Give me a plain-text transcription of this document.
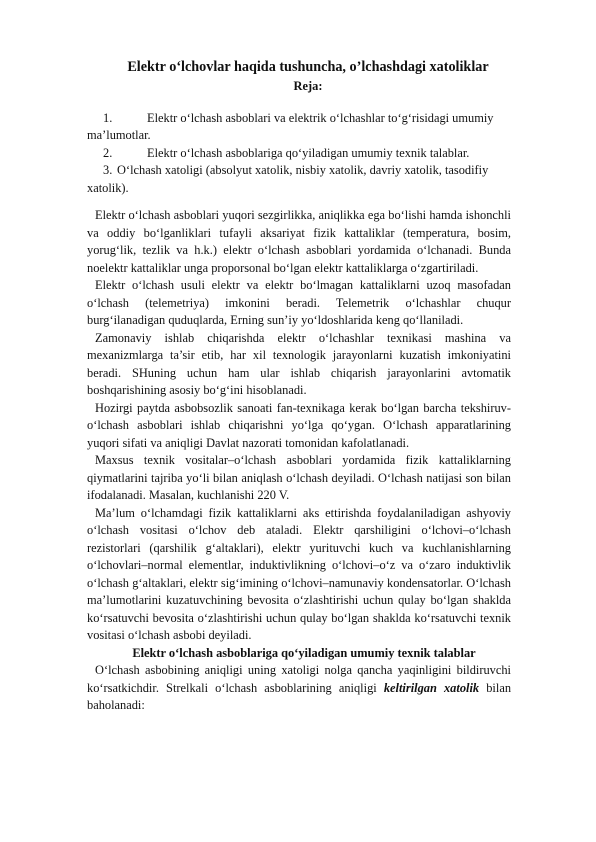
Elektr o‘lchovlar haqida tushuncha, o’lchashdagi xatoliklar
Reja:
1.	Elektr o‘lchash asboblari va elektrik o‘lchashlar to‘g‘risidagi umumiy ma’lumotlar.
2.	Elektr o‘lchash asboblariga qo‘yiladigan umumiy texnik talablar.
3. O‘lchash xatoligi (absolyut xatolik, nisbiy xatolik, davriy xatolik, tasodifiy xatolik).

Elektr o‘lchash asboblari yuqori sezgirlikka, aniqlikka ega bo‘lishi hamda ishonchli va oddiy bo‘lganliklari tufayli aksariyat fizik kattaliklar (temperatura, bosim, yorug‘lik, tezlik va h.k.) elektr o‘lchash asboblari yordamida o‘lchanadi. Bunda noelektr kattaliklar unga proporsonal bo‘lgan elektr kattaliklarga o‘zgartiriladi.

Elektr o‘lchash usuli elektr va elektr bo‘lmagan kattaliklarni uzoq masofadan o‘lchash (telemetriya) imkonini beradi. Telemetrik o‘lchashlar chuqur burg‘ilanadigan quduqlarda, Erning sun’iy yo‘ldoshlarida keng qo‘llaniladi.

Zamonaviy ishlab chiqarishda elektr o‘lchashlar texnikasi mashina va mexanizmlarga ta’sir etib, har xil texnologik jarayonlarni kuzatish imkoniyatini beradi. SHuning uchun ham ular ishlab chiqarish jarayonlarini avtomatik boshqarishining asosiy bo‘g‘ini hisoblanadi.

Hozirgi paytda asbobsozlik sanoati fan-texnikaga kerak bo‘lgan barcha tekshiruv-o‘lchash asboblari ishlab chiqarishni yo‘lga qo‘ygan. O‘lchash apparatlarining yuqori sifati va aniqligi Davlat nazorati tomonidan kafolatlanadi.

Maxsus texnik vositalar–o‘lchash asboblari yordamida fizik kattaliklarning qiymatlarini tajriba yo‘li bilan aniqlash o‘lchash deyiladi. O‘lchash natijasi son bilan ifodalanadi. Masalan, kuchlanishi 220 V.

Ma’lum o‘lchamdagi fizik kattaliklarni aks ettirishda foydalaniladigan ashyoviy o‘lchash vositasi o‘lchov deb ataladi. Elektr qarshiligini o‘lchovi–o‘lchash rezistorlari (qarshilik g‘altaklari), elektr yurituvchi kuch va kuchlanishlarning o‘lchovlari–normal elementlar, induktivlikning o‘lchovi–o‘z va o‘zaro induktivlik o‘lchash g‘altaklari, elektr sig‘imining o‘lchovi–namunaviy kondensatorlar. O‘lchash ma’lumotlarini kuzatuvchining bevosita o‘zlashtirishi uchun qulay bo‘lgan shaklda ko‘rsatuvchi bevosita o‘zlashtirishi uchun qulay bo‘lgan shaklda ko‘rsatuvchi texnik vositasi o‘lchash asbobi deyiladi.

Elektr o‘lchash asboblariga qo‘yiladigan umumiy texnik talablar

O‘lchash asbobining aniqligi uning xatoligi nolga qancha yaqinligini bildiruvchi ko‘rsatkichdir. Strelkali o‘lchash asboblarining aniqligi keltirilgan xatolik bilan baholanadi:
